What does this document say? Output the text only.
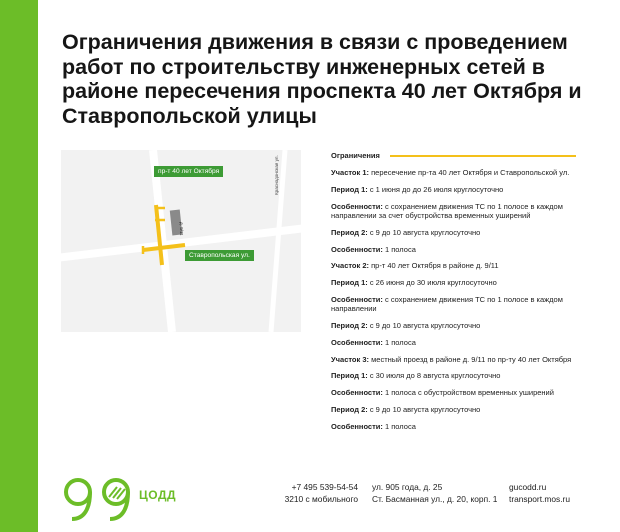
Ограничения движения в связи с проведением работ по строительству инженерных сетей в районе пересечения проспекта 40 лет Октября и Ставропольской улицы
пр-т 40 лет Октября
Ставропольская ул.
Краснодонская ул.
д. 9/11
Ограничения

Участок 1: пересечение пр-та 40 лет Октября и Ставропольской ул.

Период 1: с 1 июня до до 26 июля круглосуточно

Особенности: с сохранением движения ТС по 1 полосе в каждом направлении за счет обустройства временных уширений

Период 2: с 9 до 10 августа круглосуточно

Особенности: 1 полоса

Участок 2: пр-т 40 лет Октября в районе д. 9/11

Период 1: с 26 июня до 30 июля круглосуточно

Особенности: с сохранением движения ТС по 1 полосе в каждом направлении

Период 2: с 9 до 10 августа круглосуточно

Особенности: 1 полоса

Участок 3: местный проезд в районе д. 9/11 по пр-ту 40 лет Октября

Период 1: с 30 июля до 8 августа круглосуточно

Особенности: 1 полоса с обустройством временных уширений

Период 2: с 9 до 10 августа круглосуточно

Особенности: 1 полоса

ЦОДД
+7 495 539-54-54
3210 с мобильного
ул. 905 года, д. 25
Ст. Басманная ул., д. 20, корп. 1
gucodd.ru
transport.mos.ru
